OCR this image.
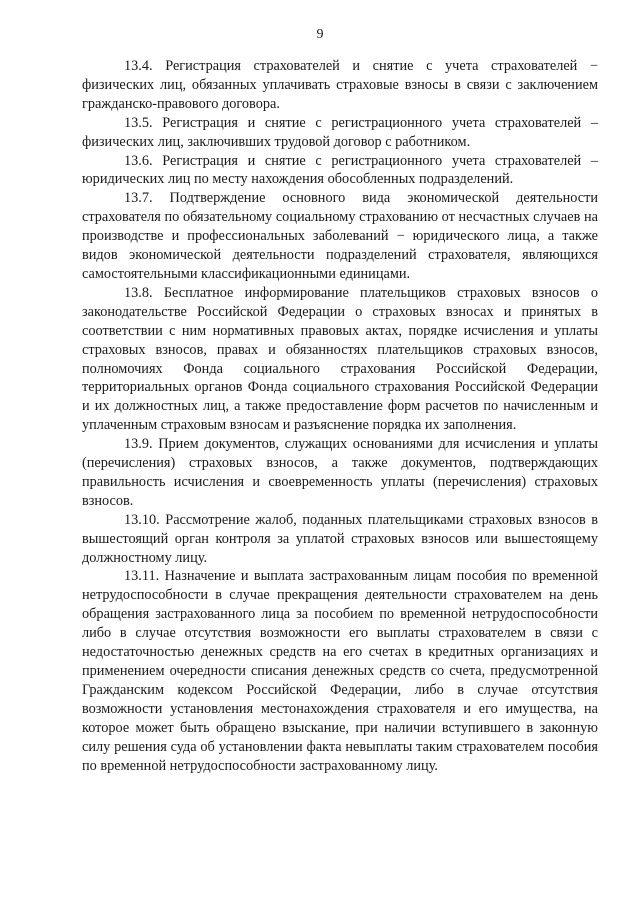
9

13.4. Регистрация страхователей и снятие с учета страхователей − физических лиц, обязанных уплачивать страховые взносы в связи с заключением гражданско-правового договора.

13.5. Регистрация и снятие с регистрационного учета страхователей – физических лиц, заключивших трудовой договор с работником.

13.6. Регистрация и снятие с регистрационного учета страхователей – юридических лиц по месту нахождения обособленных подразделений.

13.7. Подтверждение основного вида экономической деятельности страхователя по обязательному социальному страхованию от несчастных случаев на производстве и профессиональных заболеваний − юридического лица, а также видов экономической деятельности подразделений страхователя, являющихся самостоятельными классификационными единицами.

13.8. Бесплатное информирование плательщиков страховых взносов о законодательстве Российской Федерации о страховых взносах и принятых в соответствии с ним нормативных правовых актах, порядке исчисления и уплаты страховых взносов, правах и обязанностях плательщиков страховых взносов, полномочиях Фонда социального страхования Российской Федерации, территориальных органов Фонда социального страхования Российской Федерации и их должностных лиц, а также предоставление форм расчетов по начисленным и уплаченным страховым взносам и разъяснение порядка их заполнения.

13.9. Прием документов, служащих основаниями для исчисления и уплаты (перечисления) страховых взносов, а также документов, подтверждающих правильность исчисления и своевременность уплаты (перечисления) страховых взносов.

13.10. Рассмотрение жалоб, поданных плательщиками страховых взносов в вышестоящий орган контроля за уплатой страховых взносов или вышестоящему должностному лицу.

13.11. Назначение и выплата застрахованным лицам пособия по временной нетрудоспособности в случае прекращения деятельности страхователем на день обращения застрахованного лица за пособием по временной нетрудоспособности либо в случае отсутствия возможности его выплаты страхователем в связи с недостаточностью денежных средств на его счетах в кредитных организациях и применением очередности списания денежных средств со счета, предусмотренной Гражданским кодексом Российской Федерации, либо в случае отсутствия возможности установления местонахождения страхователя и его имущества, на которое может быть обращено взыскание, при наличии вступившего в законную силу решения суда об установлении факта невыплаты таким страхователем пособия по временной нетрудоспособности застрахованному лицу.
